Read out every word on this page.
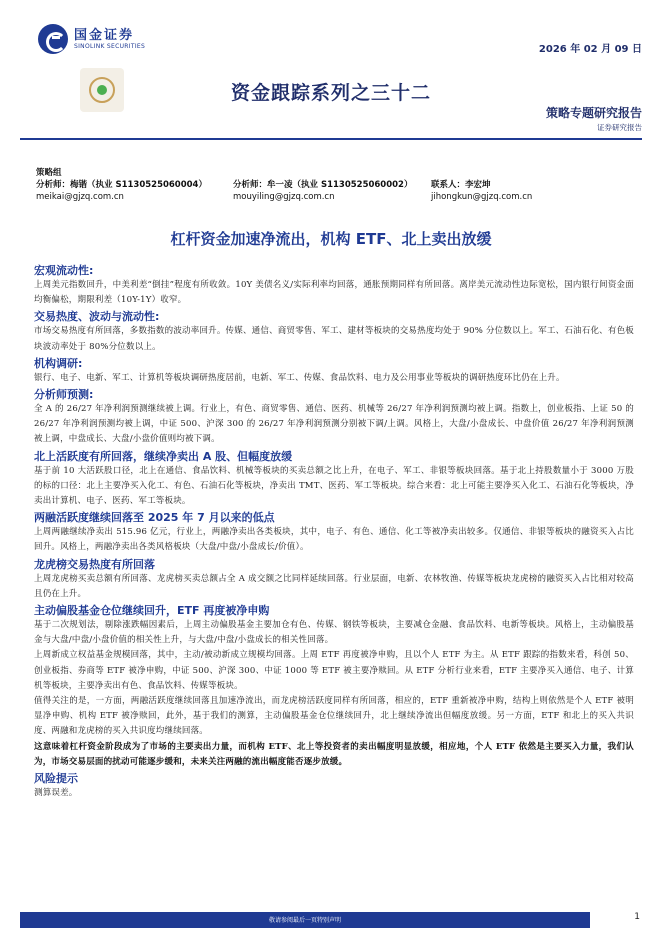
国金证券
SINOLINK SECURITIES	2026 年 02 月 09 日
资金跟踪系列之三十二
策略专题研究报告
证券研究报告
策略组
分析师：梅锴（执业 S1130525060004）	分析师：牟一凌（执业 S1130525060002）	联系人：李宏坤
meikai@gjzq.com.cn	mouyiling@gjzq.com.cn	jihongkun@gjzq.com.cn
杠杆资金加速净流出，机构 ETF、北上卖出放缓
宏观流动性:
上周美元指数回升，中美利差“倒挂”程度有所收敛。10Y 美债名义/实际利率均回落，通胀预期同样有所回落。离岸美元流动性边际宽松，国内银行间资金面均衡偏松，期限利差（10Y-1Y）收窄。
交易热度、波动与流动性:
市场交易热度有所回落，多数指数的波动率回升。传媒、通信、商贸零售、军工、建材等板块的交易热度均处于 90% 分位数以上。军工、石油石化、有色板块波动率处于 80%分位数以上。
机构调研:
银行、电子、电新、军工、计算机等板块调研热度居前，电新、军工、传媒、食品饮料、电力及公用事业等板块的调研热度环比仍在上升。
分析师预测:
全 A 的 26/27 年净利润预测继续被上调。行业上，有色、商贸零售、通信、医药、机械等 26/27 年净利润预测均被上调。指数上，创业板指、上证 50 的 26/27 年净利润预测均被上调，中证 500、沪深 300 的 26/27 年净利润预测分别被下调/上调。风格上，大盘/小盘成长、中盘价值 26/27 年净利润预测被上调，中盘成长、大盘/小盘价值则均被下调。
北上活跃度有所回落，继续净卖出 A 股、但幅度放缓
基于前 10 大活跃股口径，北上在通信、食品饮料、机械等板块的买卖总额之比上升，在电子、军工、非银等板块回落。基于北上持股数量小于 3000 万股的标的口径：北上主要净买入化工、有色、石油石化等板块，净卖出 TMT、医药、军工等板块。综合来看：北上可能主要净买入化工、石油石化等板块，净卖出计算机、电子、医药、军工等板块。
两融活跃度继续回落至 2025 年 7 月以来的低点
上周两融继续净卖出 515.96 亿元，行业上，两融净卖出各类板块，其中，电子、有色、通信、化工等被净卖出较多。仅通信、非银等板块的融资买入占比回升。风格上，两融净卖出各类风格板块（大盘/中盘/小盘成长/价值）。
龙虎榜交易热度有所回落
上周龙虎榜买卖总额有所回落、龙虎榜买卖总额占全 A 成交额之比同样延续回落。行业层面，电新、农林牧渔、传媒等板块龙虎榜的融资买入占比相对较高且仍在上升。
主动偏股基金仓位继续回升，ETF 再度被净申购
基于二次规划法，剔除涨跌幅因素后，上周主动偏股基金主要加仓有色、传媒、钢铁等板块，主要减仓金融、食品饮料、电新等板块。风格上，主动偏股基金与大盘/中盘/小盘价值的相关性上升，与大盘/中盘/小盘成长的相关性回落。
上周新成立权益基金规模回落，其中，主动/被动新成立规模均回落。上周 ETF 再度被净申购，且以个人 ETF 为主。从 ETF 跟踪的指数来看，科创 50、创业板指、券商等 ETF 被净申购，中证 500、沪深 300、中证 1000 等 ETF 被主要净赎回。从 ETF 分析行业来看，ETF 主要净买入通信、电子、计算机等板块，主要净卖出有色、食品饮料、传媒等板块。
值得关注的是，一方面，两融活跃度继续回落且加速净流出，而龙虎榜活跃度同样有所回落，相应的，ETF 重新被净申购，结构上则依然是个人 ETF 被明显净申购、机构 ETF 被净赎回，此外，基于我们的测算，主动偏股基金仓位继续回升，北上继续净流出但幅度放缓。另一方面，ETF 和北上的买入共识度、两融和龙虎榜的买入共识度均继续回落。
这意味着杠杆资金阶段成为了市场的主要卖出力量，而机构 ETF、北上等投资者的卖出幅度明显放缓，相应地，个人 ETF 依然是主要买入力量，我们认为，市场交易层面的扰动可能逐步缓和，未来关注两融的流出幅度能否逐步放缓。
风险提示
测算误差。
敬请参阅最后一页特别声明	1
